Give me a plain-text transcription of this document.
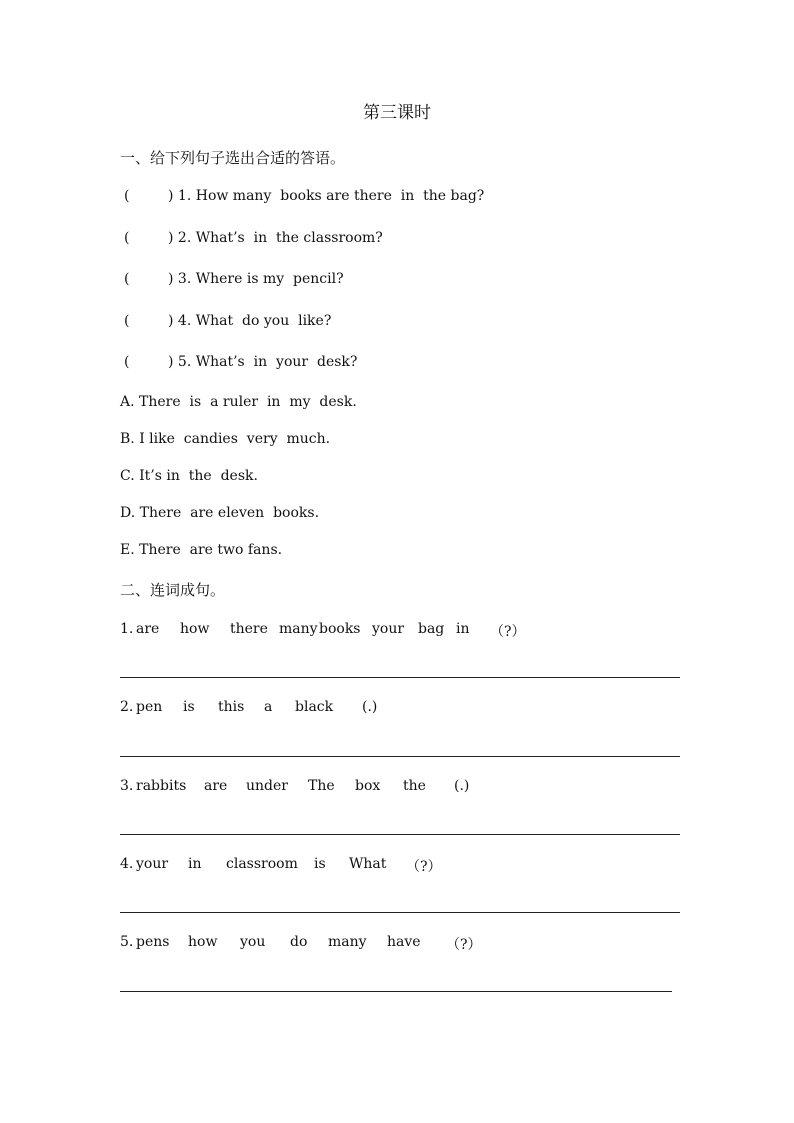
第三课时
一、给下列句子选出合适的答语。
(	) 1. How many  books are there  in  the bag?
(	) 2. What’s  in  the classroom?
(	) 3. Where is my  pencil?
(	) 4. What  do you  like?
(	) 5. What’s  in  your  desk?
A. There  is  a ruler  in  my  desk.
B. I like  candies  very  much.
C. It’s in  the  desk.
D. There  are eleven  books.
E. There  are two fans.
二、连词成句。
1. are how there many books your bag in （?）
2. pen is this a black (.)
3. rabbits are under The box the (.)
4. your in classroom is What （?）
5. pens how you do many have （?）
